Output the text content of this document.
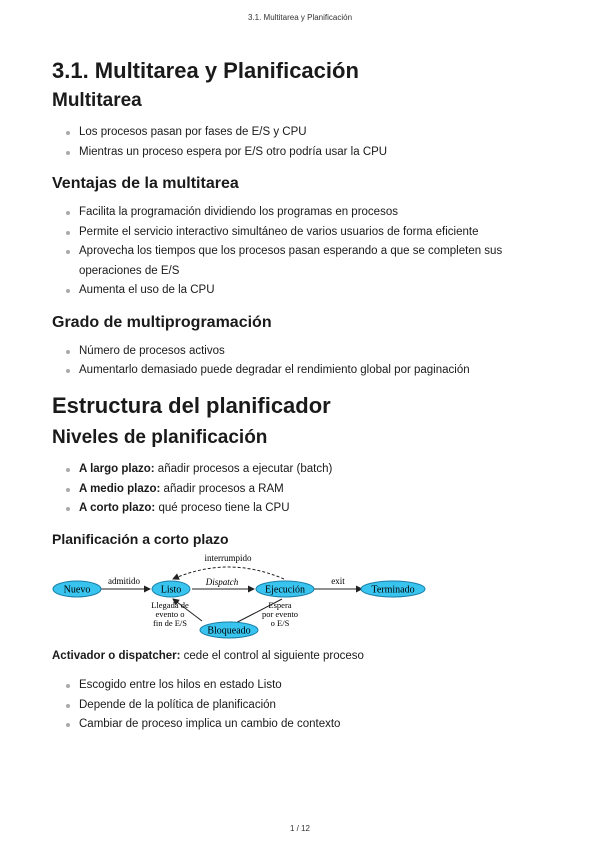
3.1. Multitarea y Planificación
3.1. Multitarea y Planificación
Multitarea
Los procesos pasan por fases de E/S y CPU
Mientras un proceso espera por E/S otro podría usar la CPU
Ventajas de la multitarea
Facilita la programación dividiendo los programas en procesos
Permite el servicio interactivo simultáneo de varios usuarios de forma eficiente
Aprovecha los tiempos que los procesos pasan esperando a que se completen sus operaciones de E/S
Aumenta el uso de la CPU
Grado de multiprogramación
Número de procesos activos
Aumentarlo demasiado puede degradar el rendimiento global por paginación
Estructura del planificador
Niveles de planificación
A largo plazo: añadir procesos a ejecutar (batch)
A medio plazo: añadir procesos a RAM
A corto plazo: qué proceso tiene la CPU
Planificación a corto plazo
Nuevo	Listo	Ejecución	Terminado
Bloqueado
admitido
interrumpido
Dispatch	exit
Llegada de
evento o
fin de E/S
Espera
por evento
o E/S

Activador o dispatcher: cede el control al siguiente proceso

Escogido entre los hilos en estado Listo
Depende de la política de planificación
Cambiar de proceso implica un cambio de contexto
1 / 12
